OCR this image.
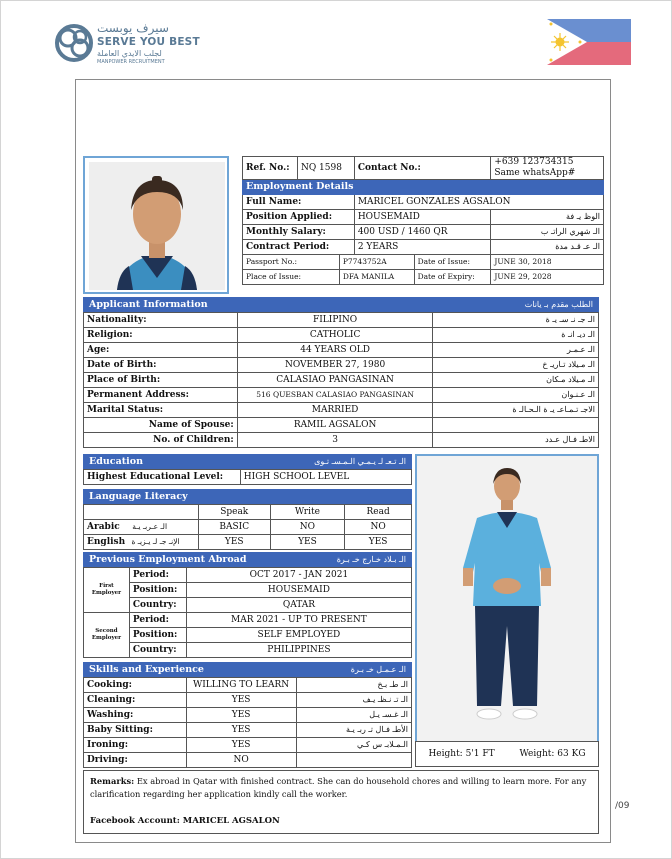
سيرف يوبست
SERVE YOU BEST
لجلب الايدي العاملة
MANPOWER RECRUITMENT
Ref. No.:	NQ 1598		Contact No.:		+639 123734315
Same whatsApp#
Employment Details					
Full Name:			MARICEL GONZALES AGSALON		
Position Applied:			HOUSEMAID		الوظ يـ فة
Monthly Salary:			400 USD / 1460 QR		الـ شهري الراتـ ب
Contract Period:			2 YEARS		الـ عـ قـد مدة
Passport No.:		P7743752A		Date of Issue:	JUNE 30, 2018
Place of Issue:		DFA MANILA		Date of Expiry:	JUNE 29, 2028
Applicant Information	الطلب مقدم بـ يانات
Nationality:	FILIPINO	الـ جـ نـ سـ يـ ة
Religion:	CATHOLIC	الـ ديـ انـ ة
Age:	44 YEARS OLD	الـ عـمـر
Date of Birth:	NOVEMBER 27, 1980	الـ مـيلاد تـاريـ خ
Place of Birth:	CALASIAO PANGASINAN	الـ مـيلاد مـكان
Permanent Address:	516 QUESBAN CALASIAO PANGASINAN	الـ عـنـوان
Marital Status:	MARRIED	الاجـ تـمـاعـ يـ ة الـحـالـ ة
Name of Spouse:	RAMIL AGSALON	
No. of Children:	3	الاطـ فـال عـدد
Education	الـ تـعـ لـ يـمـي الـمـسـ تـوى
Highest Educational Level:	HIGH SCHOOL LEVEL
Language Literacy
	Speak	Write	Read
Arabic الـ عـربـ يـة	BASIC	NO	NO
English الإنـ جـ لـ يـزيـ ة	YES	YES	YES
Previous Employment Abroad	الـ بـلاد خـارج خـ بـرة
First Employer	Period:	OCT 2017 - JAN 2021
	Position:	HOUSEMAID
	Country:	QATAR
Second Employer	Period:	MAR 2021 - UP TO PRESENT
	Position:	SELF EMPLOYED
	Country:	PHILIPPINES
Skills and Experience	الـ عـمـل خـ بـرة
Cooking:	WILLING TO LEARN	الـ طـ بـخ
Cleaning:	YES	الـ تـ نـظـ يـف
Washing:	YES	الـ غـسـ يـل
Baby Sitting:	YES	الأطـ فـال تـ ربـ يـة
Ironing:	YES	الـمـلابـ س كـي
Driving:	NO	
Height: 5'1 FT	Weight: 63 KG
Remarks: Ex abroad in Qatar with finished contract. She can do household chores and willing to learn more. For any clarification regarding her application kindly call the worker.
Facebook Account: MARICEL AGSALON
/09
